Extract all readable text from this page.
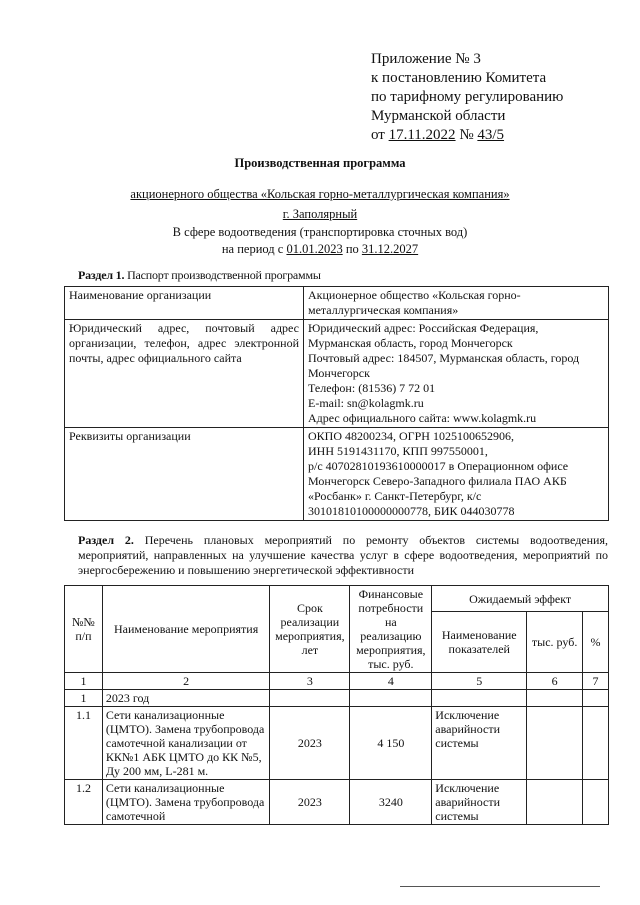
Приложение № 3
к постановлению Комитета
по тарифному регулированию
Мурманской области
от 17.11.2022 № 43/5
Производственная программа
акционерного общества «Кольская горно-металлургическая компания»
г. Заполярный
В сфере водоотведения (транспортировка сточных вод)
на период с 01.01.2023 по 31.12.2027
Раздел 1. Паспорт производственной программы
Наименование организации	Акционерное общество «Кольская горно-металлургическая компания»

Юридический адрес, почтовый адрес организации, телефон, адрес электронной почты, адрес официального сайта	Юридический адрес: Российская Федерация, Мурманская область, город Мончегорск
Почтовый адрес: 184507, Мурманская область, город Мончегорск
Телефон: (81536) 7 72 01
E-mail: sn@kolagmk.ru
Адрес официального сайта: www.kolagmk.ru

Реквизиты организации	ОКПО 48200234, ОГРН 1025100652906,
ИНН 5191431170, КПП 997550001,
р/с 40702810193610000017 в Операционном офисе Мончегорск Северо-Западного филиала ПАО АКБ «Росбанк» г. Санкт-Петербург, к/с 30101810100000000778, БИК 044030778
Раздел 2. Перечень плановых мероприятий по ремонту объектов системы водоотведения, мероприятий, направленных на улучшение качества услуг в сфере водоотведения, мероприятий по энергосбережению и повышению энергетической эффективности
№№ п/п	Наименование мероприятия	Срок реализации мероприятия, лет	Финансовые потребности на реализацию мероприятия, тыс. руб.	Ожидаемый эффект		
				Наименование показателей	тыс. руб.	%
1	2	3	4	5	6	7
1	2023 год					
1.1	Сети канализационные (ЦМТО). Замена трубопровода самотечной канализации от КК№1 АБК ЦМТО до КК №5, Ду 200 мм, L-281 м.	2023	4 150	Исключение аварийности системы		
1.2	Сети канализационные (ЦМТО). Замена трубопровода самотечной	2023	3240	Исключение аварийности системы		
